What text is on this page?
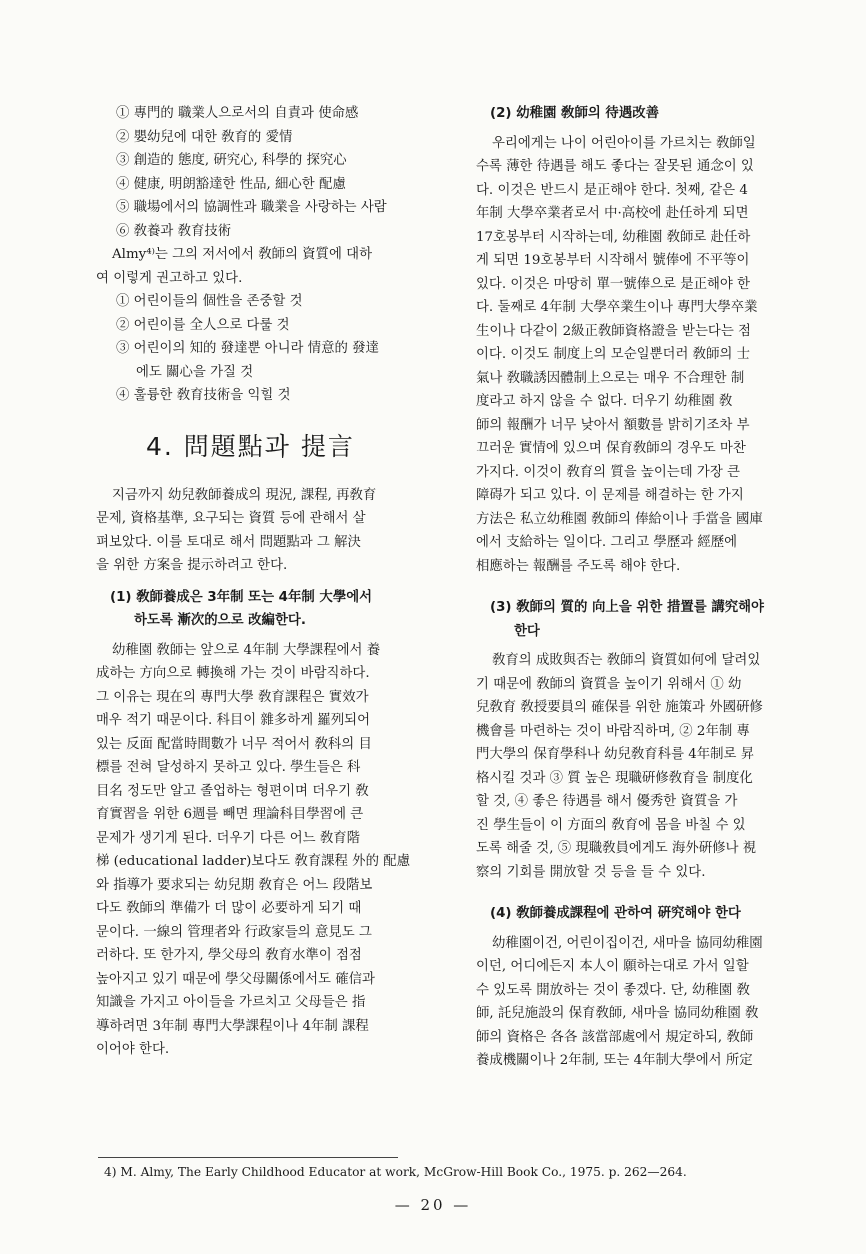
① 專門的 職業人으로서의 自責과 使命感
② 嬰幼兒에 대한 敎育的 愛情
③ 創造的 態度, 硏究心, 科學的 探究心
④ 健康, 明朗豁達한 性品, 細心한 配慮
⑤ 職場에서의 協調性과 職業을 사랑하는 사람
⑥ 敎養과 敎育技術
Almy⁴⁾는 그의 저서에서 敎師의 資質에 대하
여 이렇게 권고하고 있다.
① 어린이들의 個性을 존중할 것
② 어린이를 全人으로 다룰 것
③ 어린이의 知的 發達뿐 아니라 情意的 發達
에도 關心을 가질 것
④ 훌륭한 敎育技術을 익힐 것
4. 問題點과 提言
지금까지 幼兒敎師養成의 現況, 課程, 再敎育
문제, 資格基準, 요구되는 資質 등에 관해서 살
펴보았다. 이를 토대로 해서 問題點과 그 解決
을 위한 方案을 提示하려고 한다.
(1) 敎師養成은 3年制 또는 4年制 大學에서
하도록 漸次的으로 改編한다.
幼稚園 敎師는 앞으로 4年制 大學課程에서 養
成하는 方向으로 轉換해 가는 것이 바람직하다.
그 이유는 現在의 專門大學 敎育課程은 實效가
매우 적기 때문이다. 科目이 雜多하게 羅列되어
있는 反面 配當時間數가 너무 적어서 敎科의 目
標를 전혀 달성하지 못하고 있다. 學生들은 科
目名 정도만 알고 졸업하는 형편이며 더우기 敎
育實習을 위한 6週를 빼면 理論科目學習에 큰
문제가 생기게 된다. 더우기 다른 어느 敎育階
梯 (educational ladder)보다도 敎育課程 外的 配慮
와 指導가 要求되는 幼兒期 敎育은 어느 段階보
다도 敎師의 準備가 더 많이 必要하게 되기 때
문이다. 一線의 管理者와 行政家들의 意見도 그
러하다. 또 한가지, 學父母의 敎育水準이 점점
높아지고 있기 때문에 學父母關係에서도 確信과
知識을 가지고 아이들을 가르치고 父母들은 指
導하려면 3年制 專門大學課程이나 4年制 課程
이어야 한다.
(2) 幼稚園 敎師의 待遇改善
우리에게는 나이 어린아이를 가르치는 敎師일
수록 薄한 待遇를 해도 좋다는 잘못된 通念이 있
다. 이것은 반드시 是正해야 한다. 첫째, 같은 4
年制 大學卒業者로서 中·高校에 赴任하게 되면
17호봉부터 시작하는데, 幼稚園 敎師로 赴任하
게 되면 19호봉부터 시작해서 號俸에 不平等이
있다. 이것은 마땅히 單一號俸으로 是正해야 한
다. 둘째로 4年制 大學卒業生이나 專門大學卒業
生이나 다같이 2級正敎師資格證을 받는다는 점
이다. 이것도 制度上의 모순일뿐더러 敎師의 士
氣나 敎職誘因體制上으로는 매우 不合理한 制
度라고 하지 않을 수 없다. 더우기 幼稚園 敎
師의 報酬가 너무 낮아서 額數를 밝히기조차 부
끄러운 實情에 있으며 保育敎師의 경우도 마찬
가지다. 이것이 敎育의 質을 높이는데 가장 큰
障碍가 되고 있다. 이 문제를 해결하는 한 가지
方法은 私立幼稚園 敎師의 俸給이나 手當을 國庫
에서 支給하는 일이다. 그리고 學歷과 經歷에
相應하는 報酬를 주도록 해야 한다.
(3) 敎師의 質的 向上을 위한 措置를 講究해야
한다
敎育의 成敗與否는 敎師의 資質如何에 달려있
기 때문에 敎師의 資質을 높이기 위해서 ① 幼
兒敎育 敎授要員의 確保를 위한 施策과 外國硏修
機會를 마련하는 것이 바람직하며, ② 2年制 專
門大學의 保育學科나 幼兒敎育科를 4年制로 昇
格시킬 것과 ③ 質 높은 現職硏修敎育을 制度化
할 것, ④ 좋은 待遇를 해서 優秀한 資質을 가
진 學生들이 이 方面의 敎育에 몸을 바칠 수 있
도록 해줄 것, ⑤ 現職敎員에게도 海外硏修나 視
察의 기회를 開放할 것 등을 들 수 있다.
(4) 敎師養成課程에 관하여 硏究해야 한다
幼稚園이건, 어린이집이건, 새마을 協同幼稚園
이던, 어디에든지 本人이 願하는대로 가서 일할
수 있도록 開放하는 것이 좋겠다. 단, 幼稚園 敎
師, 託兒施設의 保育敎師, 새마을 協同幼稚園 敎
師의 資格은 各各 該當部處에서 規定하되, 敎師
養成機關이나 2年制, 또는 4年制大學에서 所定
4) M. Almy, The Early Childhood Educator at work, McGrow-Hill Book Co., 1975. p. 262—264.
— 20 —
